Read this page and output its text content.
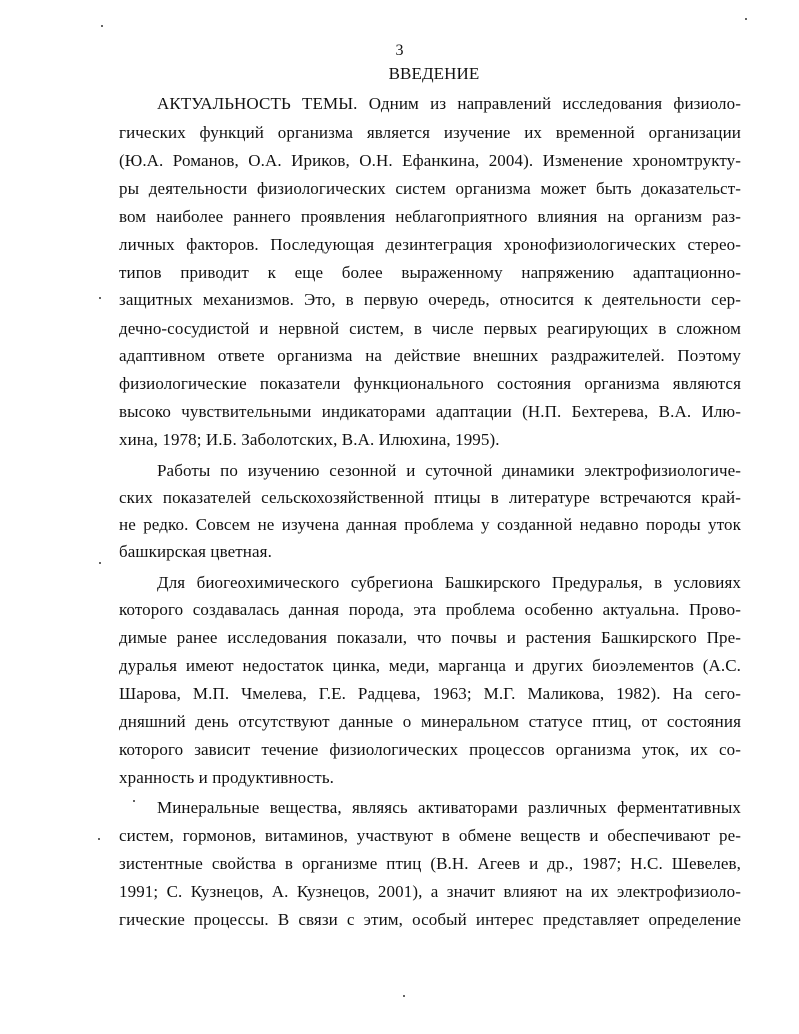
3
ВВЕДЕНИЕ
АКТУАЛЬНОСТЬ ТЕМЫ. Одним из направлений исследования физиоло-
гических функций организма является изучение их временной организации
(Ю.А. Романов, О.А. Ириков, О.Н. Ефанкина, 2004). Изменение хрономтрукту-
ры деятельности физиологических систем организма может быть доказательст-
вом наиболее раннего проявления неблагоприятного влияния на организм раз-
личных факторов. Последующая дезинтеграция хронофизиологических стерео-
типов приводит к еще более выраженному напряжению адаптационно-
защитных механизмов. Это, в первую очередь, относится к деятельности сер-
дечно-сосудистой и нервной систем, в числе первых реагирующих в сложном
адаптивном ответе организма на действие внешних раздражителей. Поэтому
физиологические показатели функционального состояния организма являются
высоко чувствительными индикаторами адаптации (Н.П. Бехтерева, В.А. Илю-
хина, 1978; И.Б. Заболотских, В.А. Илюхина, 1995).
Работы по изучению сезонной и суточной динамики электрофизиологиче-
ских показателей сельскохозяйственной птицы в литературе встречаются край-
не редко. Совсем не изучена данная проблема у созданной недавно породы уток
башкирская цветная.
Для биогеохимического субрегиона Башкирского Предуралья, в условиях
которого создавалась данная порода, эта проблема особенно актуальна. Прово-
димые ранее исследования показали, что почвы и растения Башкирского Пре-
дуралья имеют недостаток цинка, меди, марганца и других биоэлементов (А.С.
Шарова, М.П. Чмелева, Г.Е. Радцева, 1963; М.Г. Маликова, 1982). На сего-
дняшний день отсутствуют данные о минеральном статусе птиц, от состояния
которого зависит течение физиологических процессов организма уток, их со-
хранность и продуктивность.
Минеральные вещества, являясь активаторами различных ферментативных
систем, гормонов, витаминов, участвуют в обмене веществ и обеспечивают ре-
зистентные свойства в организме птиц (В.Н. Агеев и др., 1987; Н.С. Шевелев,
1991; С. Кузнецов, А. Кузнецов, 2001), а значит влияют на их электрофизиоло-
гические процессы. В связи с этим, особый интерес представляет определение
